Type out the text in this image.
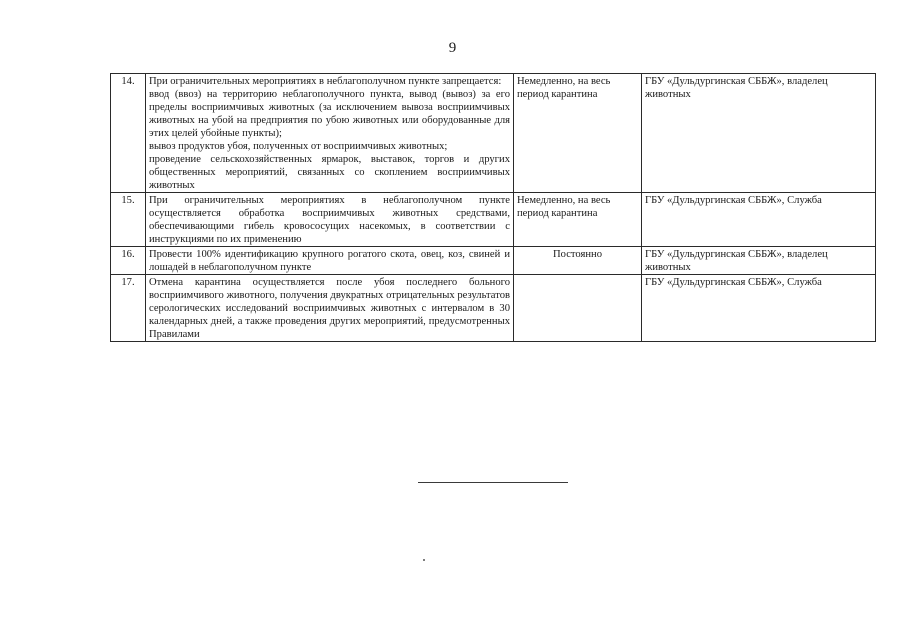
9
14.	При ограничительных мероприятиях в неблагополучном пункте запрещается:
ввод (ввоз) на территорию неблагополучного пункта, вывод (вывоз) за его пределы восприимчивых животных (за исключением вывоза восприимчивых животных на убой на предприятия по убою животных или оборудованные для этих целей убойные пункты);
вывоз продуктов убоя, полученных от восприимчивых животных;
проведение сельскохозяйственных ярмарок, выставок, торгов и других общественных мероприятий, связанных со скоплением восприимчивых животных	Немедленно, на весь период карантина	ГБУ «Дульдургинская СББЖ», владелец животных
15.	При ограничительных мероприятиях в неблагополучном пункте осуществляется обработка восприимчивых животных средствами, обеспечивающими гибель кровососущих насекомых, в соответствии с инструкциями по их применению	Немедленно, на весь период карантина	ГБУ «Дульдургинская СББЖ», Служба
16.	Провести 100% идентификацию крупного рогатого скота, овец, коз, свиней и лошадей в неблагополучном пункте	Постоянно	ГБУ «Дульдургинская СББЖ», владелец животных
17.	Отмена карантина осуществляется после убоя последнего больного восприимчивого животного, получения двукратных отрицательных результатов серологических исследований восприимчивых животных с интервалом в 30 календарных дней, а также проведения других мероприятий, предусмотренных Правилами		ГБУ «Дульдургинская СББЖ», Служба
